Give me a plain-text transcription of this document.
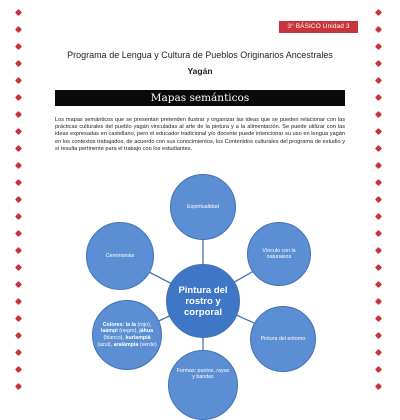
3° BÁSICO Unidad 3
Programa de Lengua y Cultura de Pueblos Originarios Ancestrales
Yagán
Mapas semánticos

Los mapas semánticos que se presentan pretenden ilustrar y organizar las ideas que se pueden relacionar con las prácticas culturales del pueblo yagán vinculadas al arte de la pintura y a la alimentación. Se puede utilizar con las ideas expresadas en castellano, pero el educador tradicional y/o docente puede intencionar su uso en lengua yagán en los contextos trabajados, de acuerdo con sus conocimientos, los Contenidos culturales del programa de estudio y si resulta pertinente para el trabajo con los estudiantes.

Espiritualidad
Vínculo con la naturaleza
Ceremonias
Pintura del rostro y corporal
Pintura del entorno
Colores: la la (rojo), laámpi (negro), jáhua (blanco), kurlampiá (azul), aralámpia (verde)
Formas: puntos, rayas y bandas
